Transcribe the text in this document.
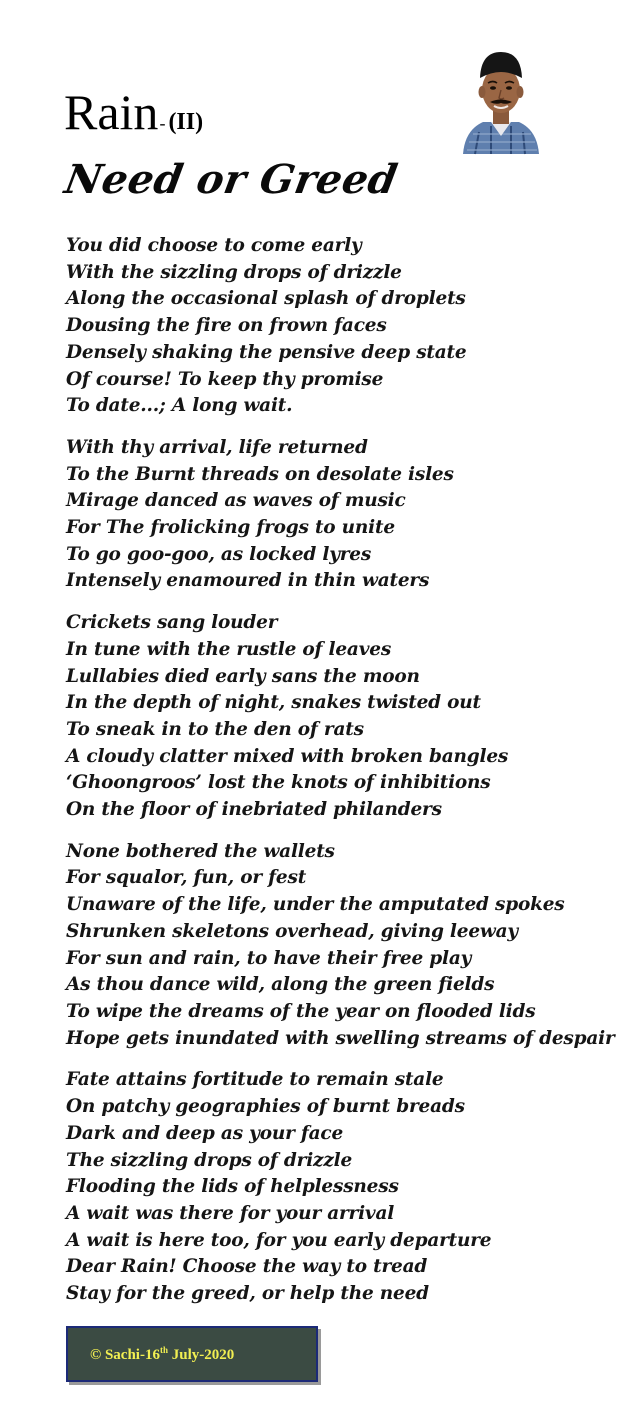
Rain - (II)
Need or Greed
You did choose to come early
With the sizzling drops of drizzle
Along the occasional splash of droplets
Dousing the fire on frown faces
Densely shaking the pensive deep state
Of course! To keep thy promise
To date...; A long wait.
With thy arrival, life returned
To the Burnt threads on desolate isles
Mirage danced as waves of music
For The frolicking frogs to unite
To go goo-goo, as locked lyres
Intensely enamoured in thin waters
Crickets sang louder
In tune with the rustle of leaves
Lullabies died early sans the moon
In the depth of night, snakes twisted out
To sneak in to the den of rats
A cloudy clatter mixed with broken bangles
‘Ghoongroos’ lost the knots of inhibitions
On the floor of inebriated philanders
None bothered the wallets
For squalor, fun, or fest
Unaware of the life, under the amputated spokes
Shrunken skeletons overhead, giving leeway
For sun and rain, to have their free play
As thou dance wild, along the green fields
To wipe the dreams of the year on flooded lids
Hope gets inundated with swelling streams of despair
Fate attains fortitude to remain stale
On patchy geographies of burnt breads
Dark and deep as your face
The sizzling drops of drizzle
Flooding the lids of helplessness
A wait was there for your arrival
A wait is here too, for you early departure
Dear Rain! Choose the way to tread
Stay for the greed, or help the need
© Sachi-16th July-2020
